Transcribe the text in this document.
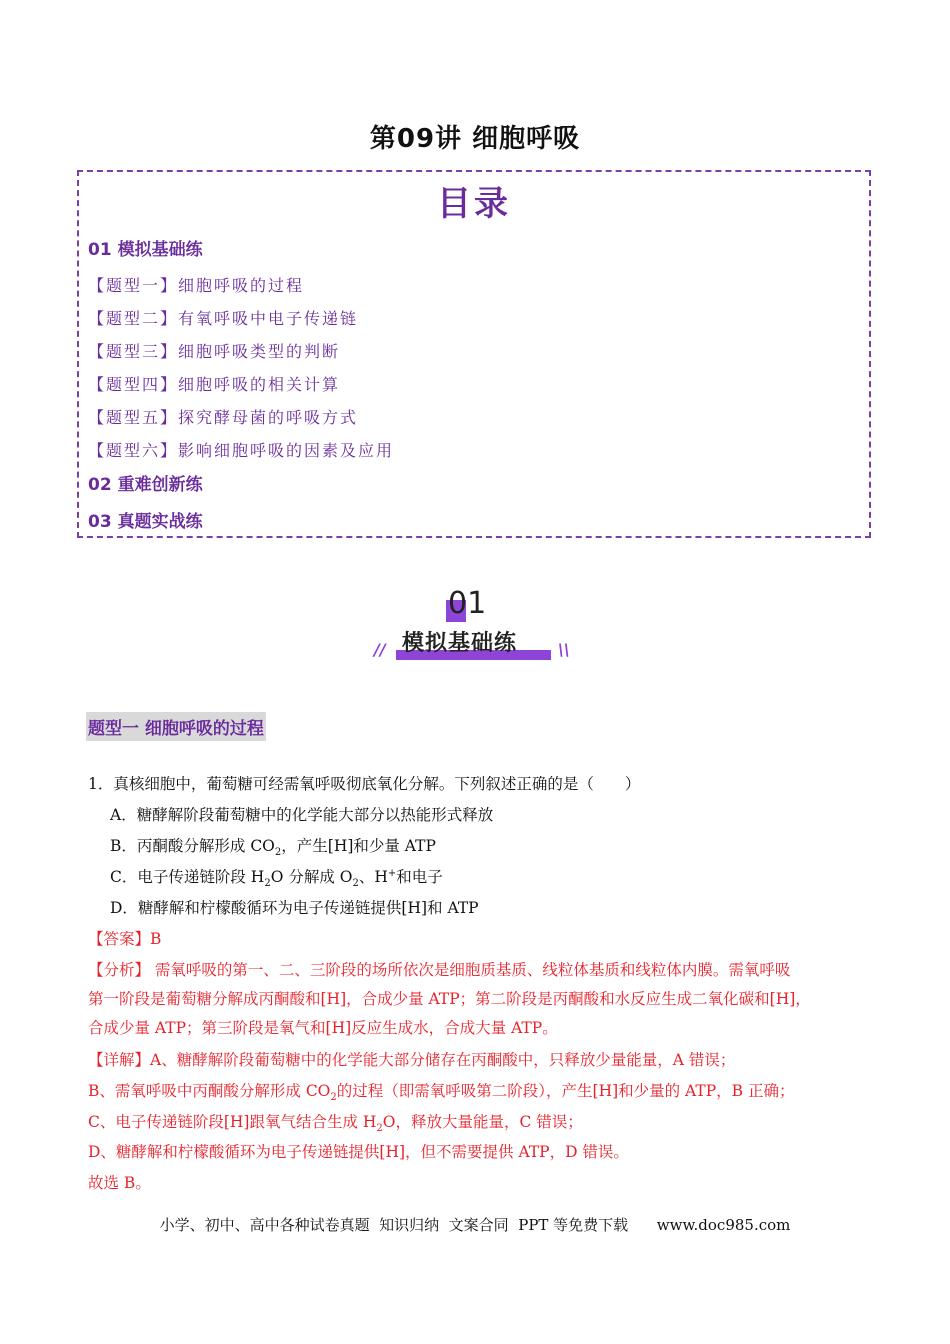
第09讲 细胞呼吸
目录
01 模拟基础练
【题型一】细胞呼吸的过程
【题型二】有氧呼吸中电子传递链
【题型三】细胞呼吸类型的判断
【题型四】细胞呼吸的相关计算
【题型五】探究酵母菌的呼吸方式
【题型六】影响细胞呼吸的因素及应用
02 重难创新练
03 真题实战练
01
模拟基础练
//	\\
题型一 细胞呼吸的过程
1．真核细胞中，葡萄糖可经需氧呼吸彻底氧化分解。下列叙述正确的是（　　）
A．糖酵解阶段葡萄糖中的化学能大部分以热能形式释放
B．丙酮酸分解形成 $CO_2$，产生[H]和少量 ATP
C．电子传递链阶段 $H_2O$ 分解成 $O_2$、H+和电子
D．糖酵解和柠檬酸循环为电子传递链提供[H]和 ATP
【答案】B
【分析】 需氧呼吸的第一、二、三阶段的场所依次是细胞质基质、线粒体基质和线粒体内膜。需氧呼吸
第一阶段是葡萄糖分解成丙酮酸和[H]，合成少量 ATP；第二阶段是丙酮酸和水反应生成二氧化碳和[H]，
合成少量 ATP；第三阶段是氧气和[H]反应生成水，合成大量 ATP。
【详解】A、糖酵解阶段葡萄糖中的化学能大部分储存在丙酮酸中，只释放少量能量，A 错误；
B、需氧呼吸中丙酮酸分解形成 $CO_2$的过程（即需氧呼吸第二阶段），产生[H]和少量的 ATP，B 正确；
C、电子传递链阶段[H]跟氧气结合生成 $H_2O$，释放大量能量，C 错误；
D、糖酵解和柠檬酸循环为电子传递链提供[H]，但不需要提供 ATP，D 错误。
故选 B。
小学、初中、高中各种试卷真题  知识归纳  文案合同  PPT 等免费下载      www.doc985.com
